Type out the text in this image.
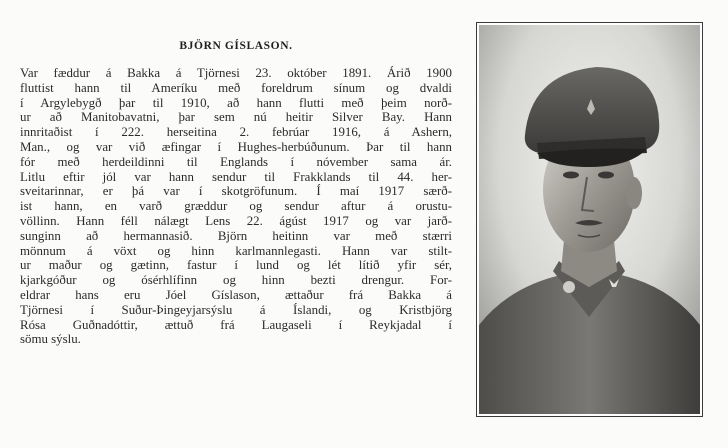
BJÖRN GÍSLASON.
Var fæddur á Bakka á Tjörnesi 23. október 1891. Árið 1900
fluttist hann til Ameríku með foreldrum sínum og dvaldi
í Argylebygð þar til 1910, að hann flutti með þeim norð-
ur að Manitobavatni, þar sem nú heitir Silver Bay. Hann
innritaðist í 222. herseitina 2. febrúar 1916, á Ashern,
Man., og var við æfingar í Hughes-herbúðunum. Þar til hann
fór með herdeildinni til Englands í nóvember sama ár.
Litlu eftir jól var hann sendur til Frakklands til 44. her-
sveitarinnar, er þá var í skotgröfunum. Í maí 1917 særð-
ist hann, en varð græddur og sendur aftur á orustu-
völlinn. Hann féll nálægt Lens 22. ágúst 1917 og var jarð-
sunginn að hermannasið. Björn heitinn var með stærri
mönnum á vöxt og hinn karlmannlegasti. Hann var stilt-
ur maður og gætinn, fastur í lund og lét lítið yfir sér,
kjarkgóður og ósérhlífinn og hinn bezti drengur. For-
eldrar hans eru Jóel Gíslason, ættaður frá Bakka á
Tjörnesi í Suður-Þingeyjarsýslu á Íslandi, og Kristbjörg
Rósa Guðnadóttir, ættuð frá Laugaseli í Reykjadal í
sömu sýslu.
